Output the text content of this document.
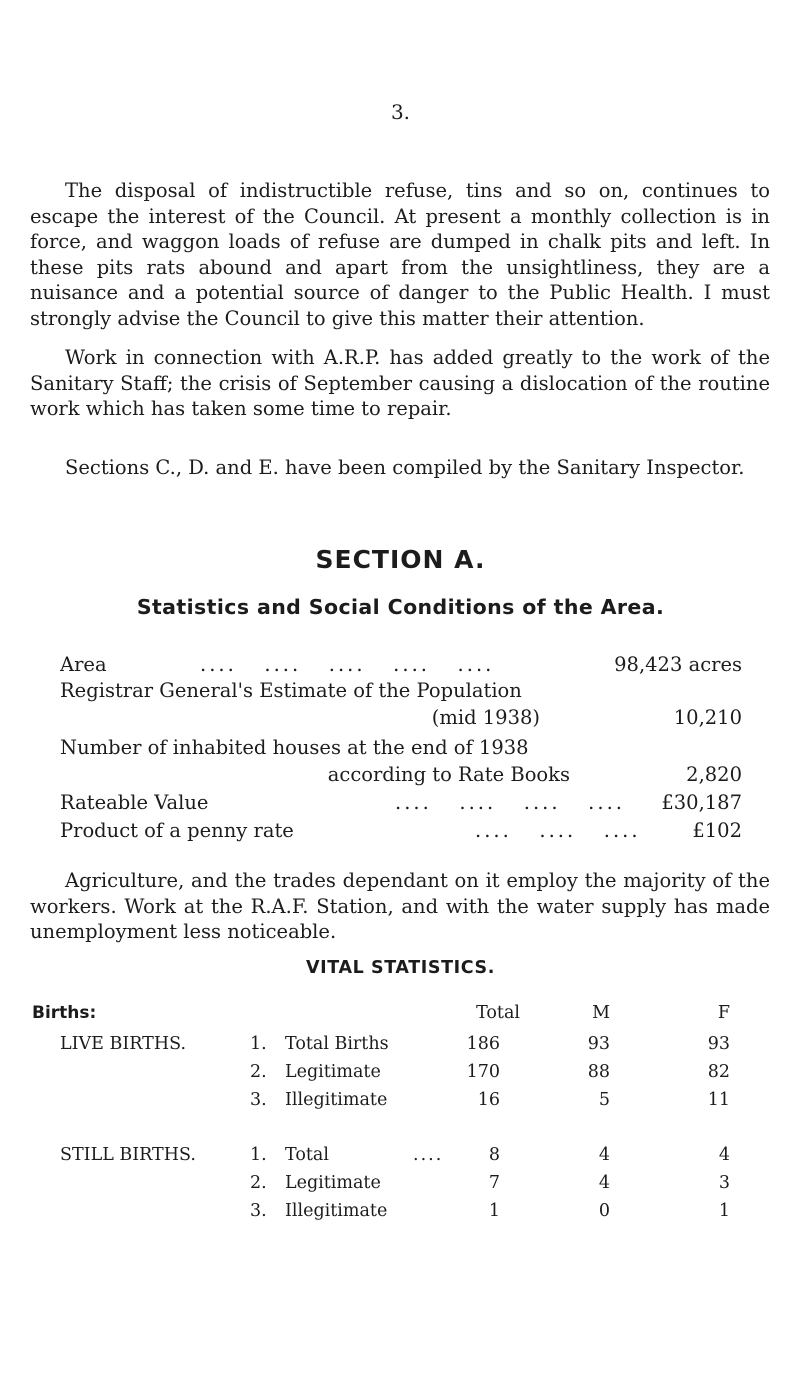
3.

The disposal of indistructible refuse, tins and so on, continues to escape the interest of the Council. At present a monthly collection is in force, and waggon loads of refuse are dumped in chalk pits and left. In these pits rats abound and apart from the unsightliness, they are a nuisance and a potential source of danger to the Public Health. I must strongly advise the Council to give this matter their attention.

Work in connection with A.R.P. has added greatly to the work of the Sanitary Staff; the crisis of September causing a dislocation of the routine work which has taken some time to repair.

Sections C., D. and E. have been compiled by the Sanitary Inspector.

SECTION A.
Statistics and Social Conditions of the Area.
Area	....   ....   ....   ....   ....	98,423 acres
Registrar General's Estimate of the Population
(mid 1938)	10,210
Number of inhabited houses at the end of 1938
according to Rate Books	2,820
Rateable Value	....   ....   ....   ....	£30,187
Product of a penny rate	....   ....   ....	£102

Agriculture, and the trades dependant on it employ the majority of the workers. Work at the R.A.F. Station, and with the water supply has made unemployment less noticeable.

VITAL STATISTICS.
Births:	Total	M	F
LIVE BIRTHS.	1. Total Births	186	93	93
2. Legitimate	170	88	82
3. Illegitimate	16	5	11
STILL BIRTHS.	1. Total	....	8	4	4
2. Legitimate	7	4	3
3. Illegitimate	1	0	1
